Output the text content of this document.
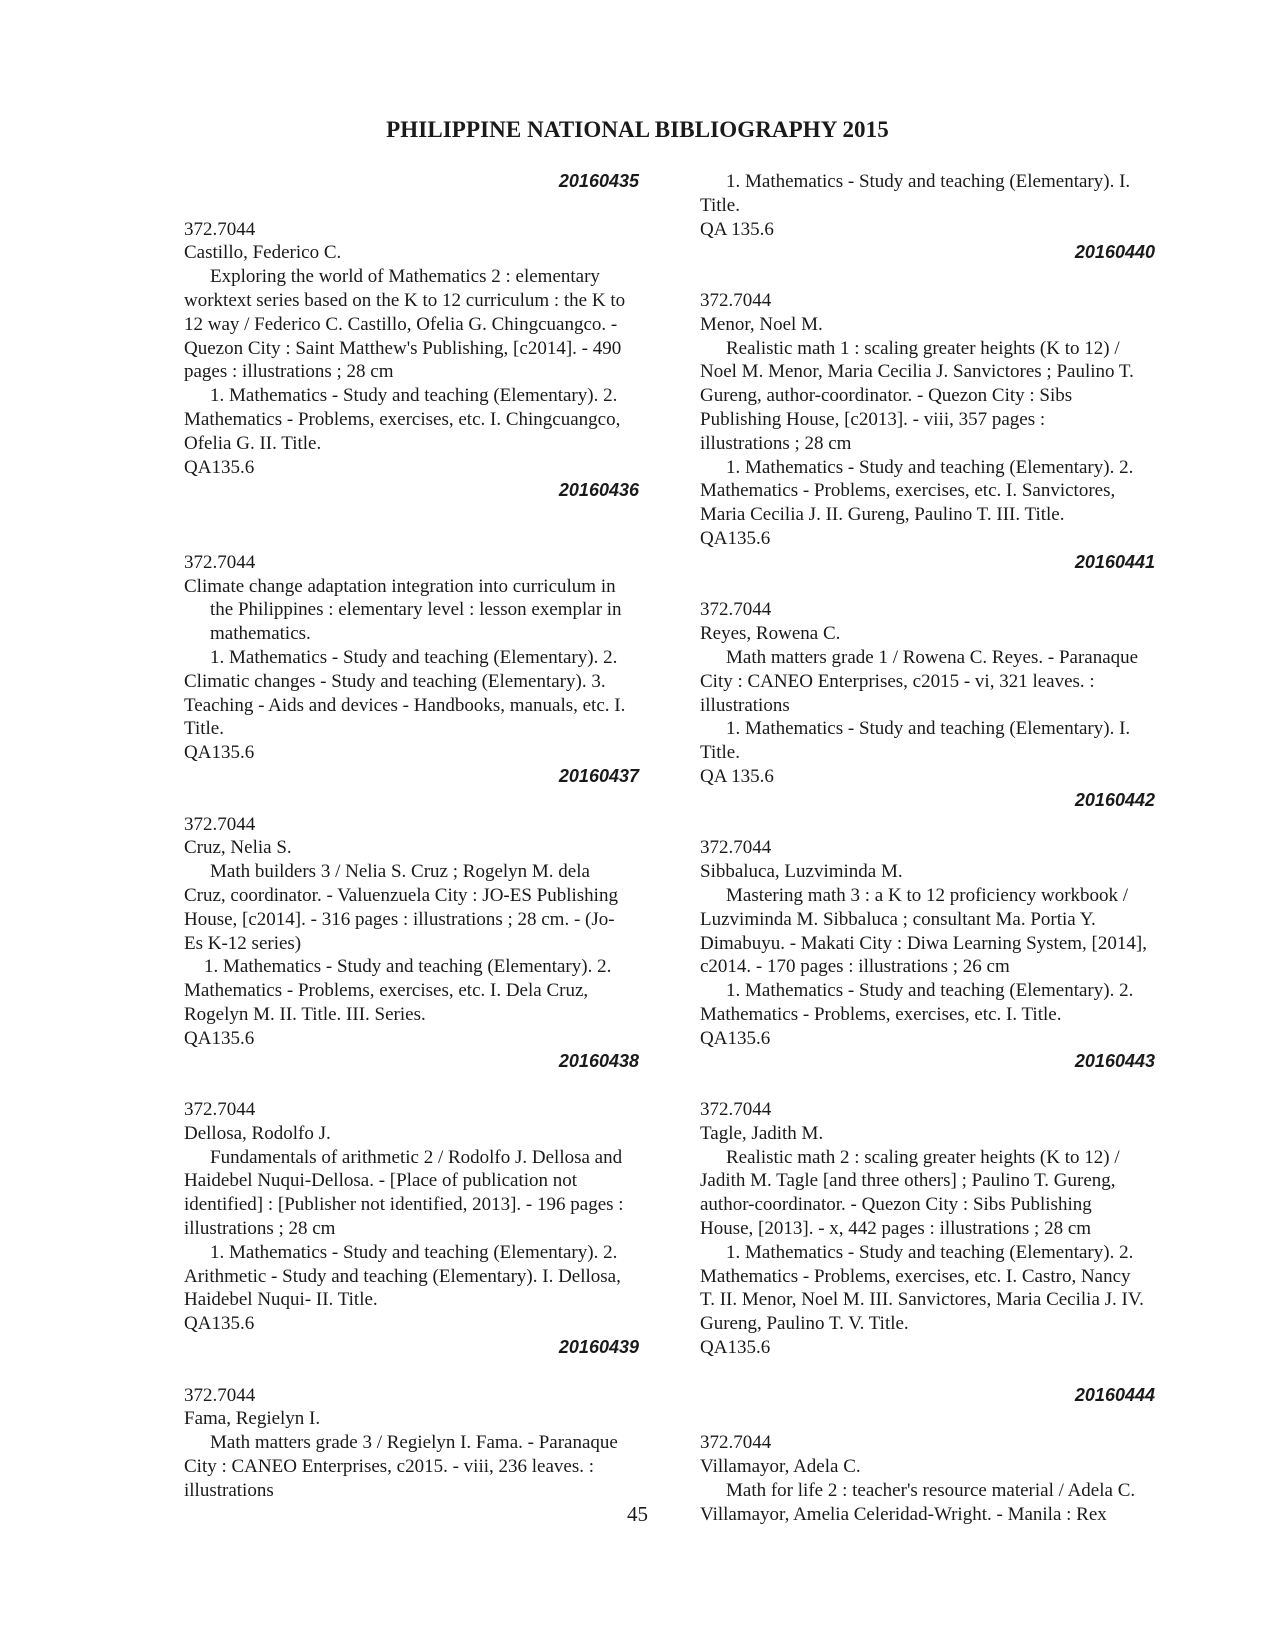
PHILIPPINE NATIONAL BIBLIOGRAPHY 2015
20160435
372.7044
Castillo, Federico C.
Exploring the world of Mathematics 2 : elementary
worktext series based on the K to 12 curriculum : the K to
12 way / Federico C. Castillo, Ofelia G. Chingcuangco. -
Quezon City : Saint Matthew's Publishing, [c2014]. - 490
pages : illustrations ; 28 cm
1. Mathematics - Study and teaching (Elementary). 2.
Mathematics - Problems, exercises, etc. I. Chingcuangco,
Ofelia G. II. Title.
QA135.6
20160436
372.7044
Climate change adaptation integration into curriculum in
the Philippines : elementary level : lesson exemplar in
mathematics.
1. Mathematics - Study and teaching (Elementary). 2.
Climatic changes - Study and teaching (Elementary). 3.
Teaching - Aids and devices - Handbooks, manuals, etc. I.
Title.
QA135.6
20160437
372.7044
Cruz, Nelia S.
Math builders 3 / Nelia S. Cruz ; Rogelyn M. dela
Cruz, coordinator. - Valuenzuela City : JO-ES Publishing
House, [c2014]. - 316 pages : illustrations ; 28 cm. - (Jo-
Es K-12 series)
1. Mathematics - Study and teaching (Elementary). 2.
Mathematics - Problems, exercises, etc. I. Dela Cruz,
Rogelyn M. II. Title. III. Series.
QA135.6
20160438
372.7044
Dellosa, Rodolfo J.
Fundamentals of arithmetic 2 / Rodolfo J. Dellosa and
Haidebel Nuqui-Dellosa. - [Place of publication not
identified] : [Publisher not identified, 2013]. - 196 pages :
illustrations ; 28 cm
1. Mathematics - Study and teaching (Elementary). 2.
Arithmetic - Study and teaching (Elementary). I. Dellosa,
Haidebel Nuqui- II. Title.
QA135.6
20160439
372.7044
Fama, Regielyn I.
Math matters grade 3 / Regielyn I. Fama. - Paranaque
City : CANEO Enterprises, c2015. - viii, 236 leaves. :
illustrations
1. Mathematics - Study and teaching (Elementary). I.
Title.
QA 135.6
20160440
372.7044
Menor, Noel M.
Realistic math 1 : scaling greater heights (K to 12) /
Noel M. Menor, Maria Cecilia J. Sanvictores ; Paulino T.
Gureng, author-coordinator. - Quezon City : Sibs
Publishing House, [c2013]. - viii, 357 pages :
illustrations ; 28 cm
1. Mathematics - Study and teaching (Elementary). 2.
Mathematics - Problems, exercises, etc. I. Sanvictores,
Maria Cecilia J. II. Gureng, Paulino T. III. Title.
QA135.6
20160441
372.7044
Reyes, Rowena C.
Math matters grade 1 / Rowena C. Reyes. - Paranaque
City : CANEO Enterprises, c2015 - vi, 321 leaves. :
illustrations
1. Mathematics - Study and teaching (Elementary). I.
Title.
QA 135.6
20160442
372.7044
Sibbaluca, Luzviminda M.
Mastering math 3 : a K to 12 proficiency workbook /
Luzviminda M. Sibbaluca ; consultant Ma. Portia Y.
Dimabuyu. - Makati City : Diwa Learning System, [2014],
c2014. - 170 pages : illustrations ; 26 cm
1. Mathematics - Study and teaching (Elementary). 2.
Mathematics - Problems, exercises, etc. I. Title.
QA135.6
20160443
372.7044
Tagle, Jadith M.
Realistic math 2 : scaling greater heights (K to 12) /
Jadith M. Tagle [and three others] ; Paulino T. Gureng,
author-coordinator. - Quezon City : Sibs Publishing
House, [2013]. - x, 442 pages : illustrations ; 28 cm
1. Mathematics - Study and teaching (Elementary). 2.
Mathematics - Problems, exercises, etc. I. Castro, Nancy
T. II. Menor, Noel M. III. Sanvictores, Maria Cecilia J. IV.
Gureng, Paulino T. V. Title.
QA135.6
20160444
372.7044
Villamayor, Adela C.
Math for life 2 : teacher's resource material / Adela C.
Villamayor, Amelia Celeridad-Wright. - Manila : Rex
45
